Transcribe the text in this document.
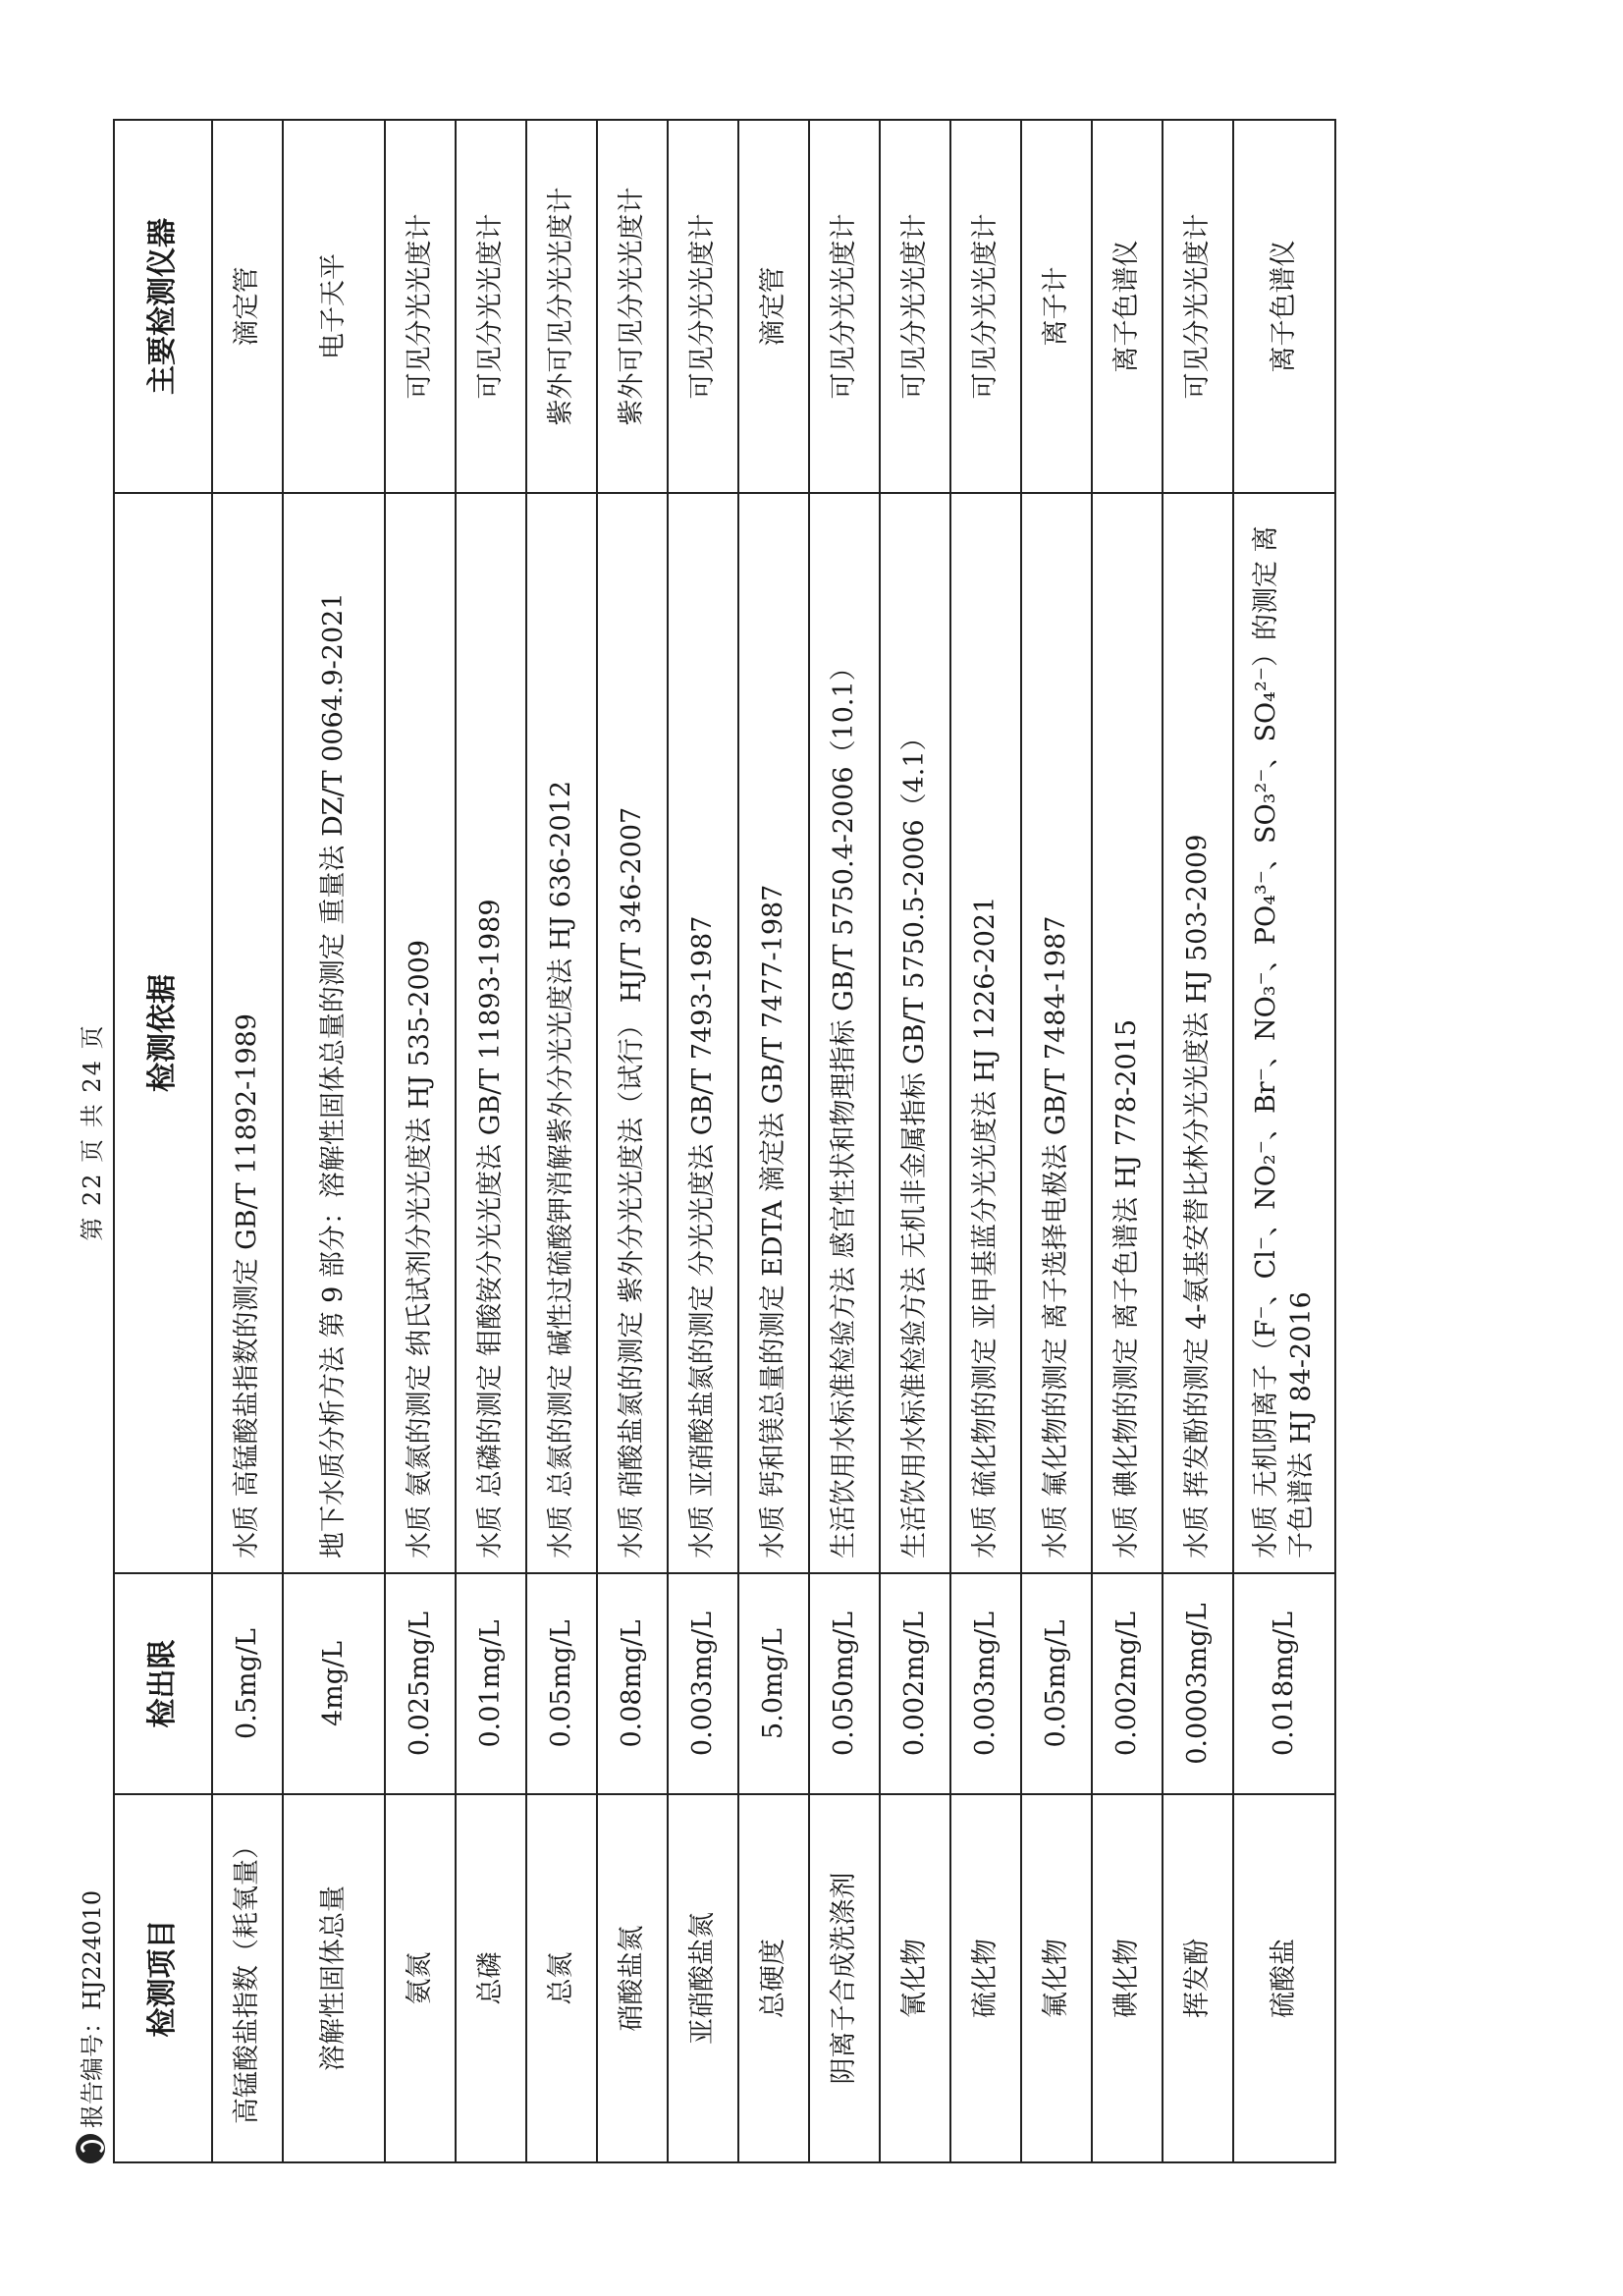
报告编号：HJ224010
第 22 页 共 24 页
检测项目	检出限	检测依据	主要检测仪器
高锰酸盐指数（耗氧量）	0.5mg/L	水质 高锰酸盐指数的测定 GB/T 11892-1989	滴定管
溶解性固体总量	4mg/L	地下水质分析方法 第 9 部分：溶解性固体总量的测定 重量法 DZ/T 0064.9-2021	电子天平
氨氮	0.025mg/L	水质 氨氮的测定 纳氏试剂分光光度法 HJ 535-2009	可见分光光度计
总磷	0.01mg/L	水质 总磷的测定 钼酸铵分光光度法 GB/T 11893-1989	可见分光光度计
总氮	0.05mg/L	水质 总氮的测定 碱性过硫酸钾消解紫外分光光度法 HJ 636-2012	紫外可见分光光度计
硝酸盐氮	0.08mg/L	水质 硝酸盐氮的测定 紫外分光光度法（试行） HJ/T 346-2007	紫外可见分光光度计
亚硝酸盐氮	0.003mg/L	水质 亚硝酸盐氮的测定 分光光度法 GB/T 7493-1987	可见分光光度计
总硬度	5.0mg/L	水质 钙和镁总量的测定 EDTA 滴定法 GB/T 7477-1987	滴定管
阴离子合成洗涤剂	0.050mg/L	生活饮用水标准检验方法 感官性状和物理指标 GB/T 5750.4-2006（10.1）	可见分光光度计
氰化物	0.002mg/L	生活饮用水标准检验方法 无机非金属指标 GB/T 5750.5-2006（4.1）	可见分光光度计
硫化物	0.003mg/L	水质 硫化物的测定 亚甲基蓝分光光度法 HJ 1226-2021	可见分光光度计
氟化物	0.05mg/L	水质 氟化物的测定 离子选择电极法 GB/T 7484-1987	离子计
碘化物	0.002mg/L	水质 碘化物的测定 离子色谱法 HJ 778-2015	离子色谱仪
挥发酚	0.0003mg/L	水质 挥发酚的测定 4-氨基安替比林分光光度法 HJ 503-2009	可见分光光度计
硫酸盐	0.018mg/L	水质 无机阴离子（F⁻、Cl⁻、NO₂⁻、Br⁻、NO₃⁻、PO₄³⁻、SO₃²⁻、SO₄²⁻）的测定 离子色谱法 HJ 84-2016	离子色谱仪
